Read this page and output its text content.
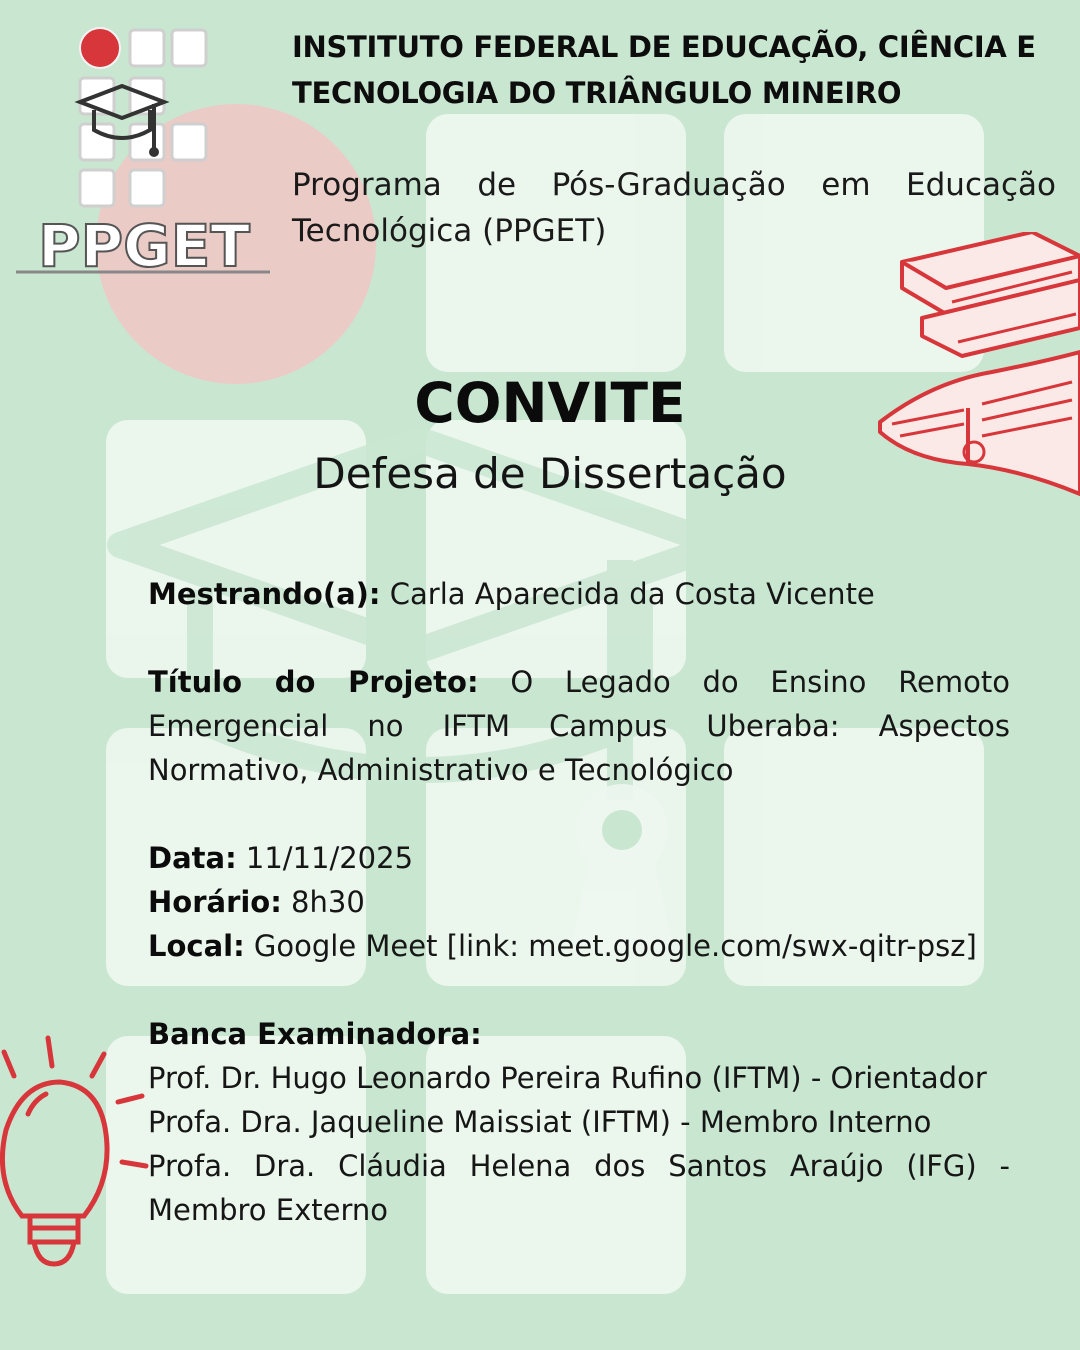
PPGET
INSTITUTO FEDERAL DE EDUCAÇÃO, CIÊNCIA E
TECNOLOGIA DO TRIÂNGULO MINEIRO
Programa de Pós-Graduação em Educação Tecnológica (PPGET)
CONVITE
Defesa de Dissertação

Mestrando(a): Carla Aparecida da Costa Vicente

Título do Projeto: O Legado do Ensino Remoto Emergencial no IFTM Campus Uberaba: Aspectos Normativo, Administrativo e Tecnológico

Data: 11/11/2025

Horário: 8h30

Local: Google Meet [link: meet.google.com/swx-qitr-psz]

Banca Examinadora:

Prof. Dr. Hugo Leonardo Pereira Rufino (IFTM) - Orientador

Profa. Dra. Jaqueline Maissiat (IFTM) - Membro Interno

Profa. Dra. Cláudia Helena dos Santos Araújo (IFG) - Membro Externo
